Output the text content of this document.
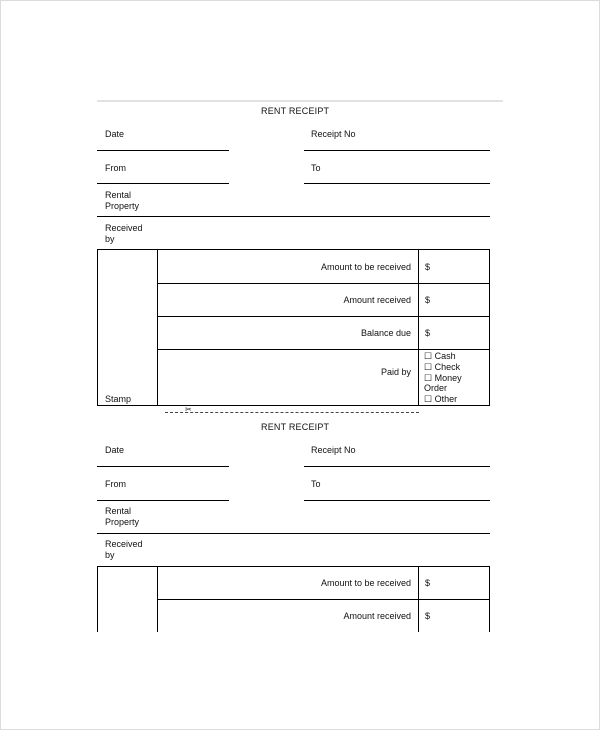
RENT RECEIPT
Date	Receipt No
From	To
Rental
Property
Received
by
Amount to be received $
Amount received $
Balance due $
Paid by
☐ Cash
☐ Check
☐ Money
Order
☐ Other
Stamp
✂
RENT RECEIPT
Date	Receipt No
From	To
Rental
Property
Received
by
Amount to be received $
Amount received $
